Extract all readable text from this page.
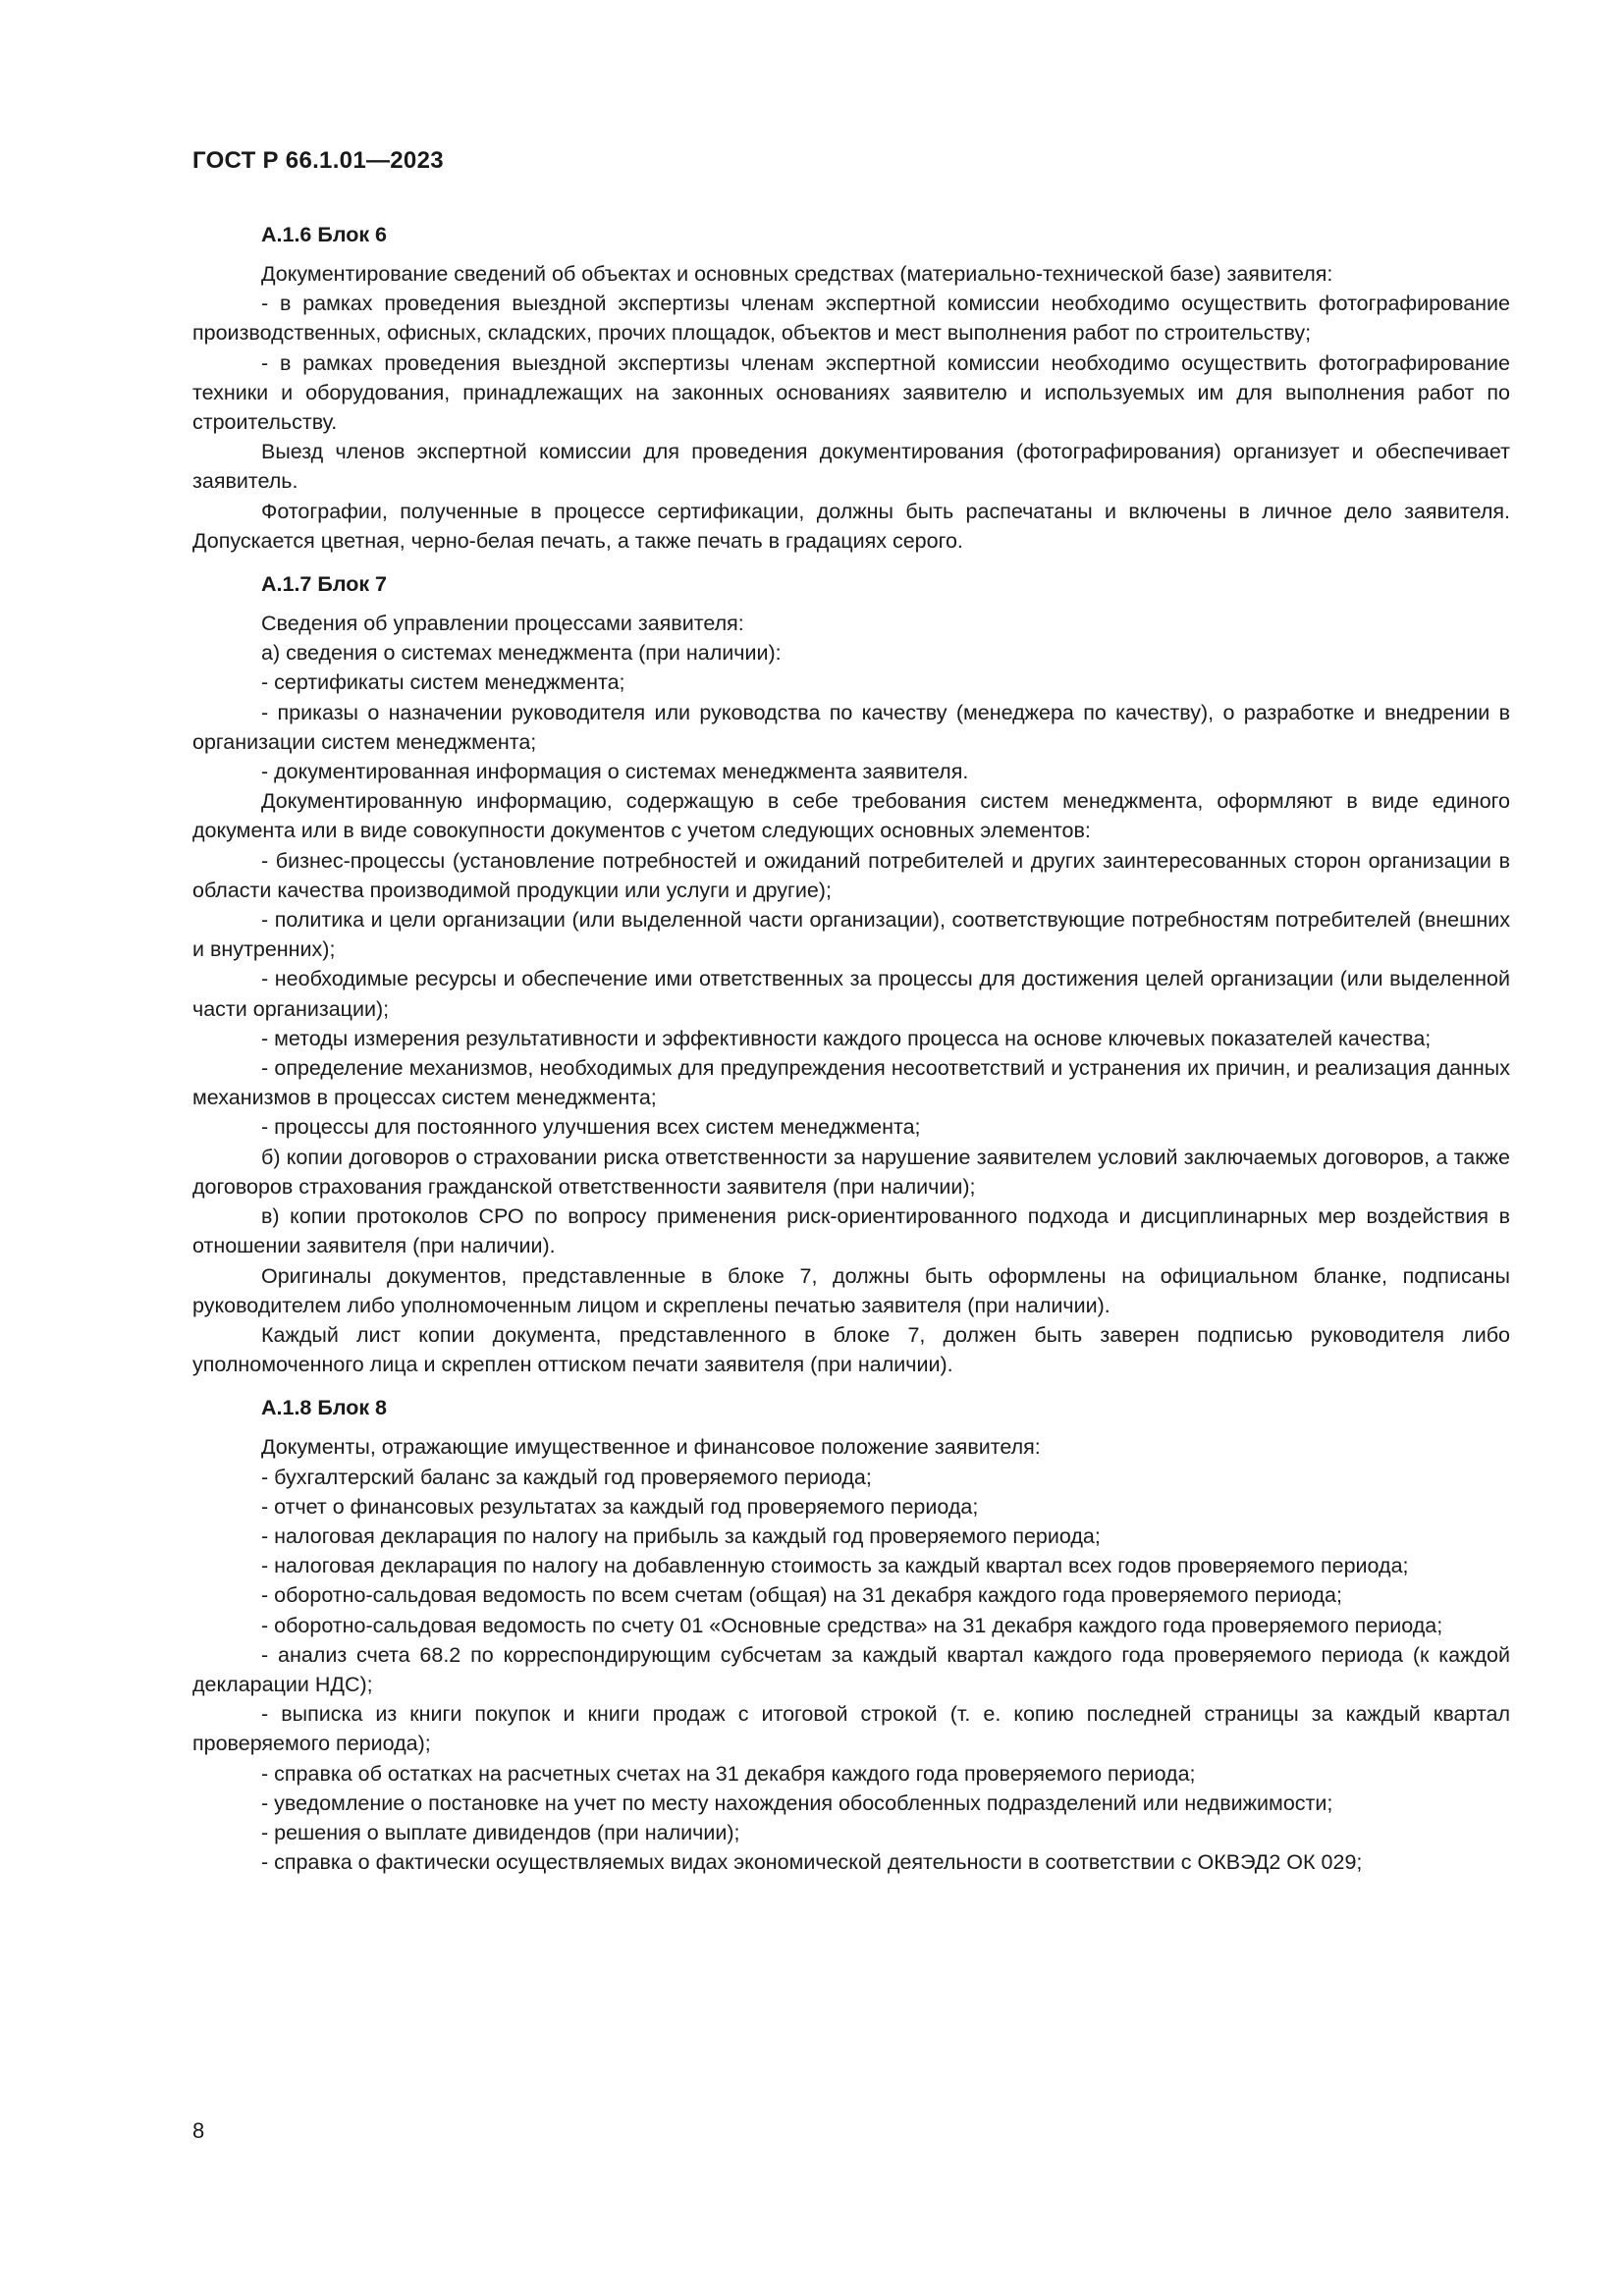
ГОСТ Р 66.1.01—2023
А.1.6 Блок 6

Документирование сведений об объектах и основных средствах (материально-технической базе) заявителя:

- в рамках проведения выездной экспертизы членам экспертной комиссии необходимо осуществить фотографирование производственных, офисных, складских, прочих площадок, объектов и мест выполнения работ по строительству;

- в рамках проведения выездной экспертизы членам экспертной комиссии необходимо осуществить фотографирование техники и оборудования, принадлежащих на законных основаниях заявителю и используемых им для выполнения работ по строительству.

Выезд членов экспертной комиссии для проведения документирования (фотографирования) организует и обеспечивает заявитель.

Фотографии, полученные в процессе сертификации, должны быть распечатаны и включены в личное дело заявителя. Допускается цветная, черно-белая печать, а также печать в градациях серого.

А.1.7 Блок 7

Сведения об управлении процессами заявителя:

а) сведения о системах менеджмента (при наличии):

- сертификаты систем менеджмента;

- приказы о назначении руководителя или руководства по качеству (менеджера по качеству), о разработке и внедрении в организации систем менеджмента;

- документированная информация о системах менеджмента заявителя.

Документированную информацию, содержащую в себе требования систем менеджмента, оформляют в виде единого документа или в виде совокупности документов с учетом следующих основных элементов:

- бизнес-процессы (установление потребностей и ожиданий потребителей и других заинтересованных сторон организации в области качества производимой продукции или услуги и другие);

- политика и цели организации (или выделенной части организации), соответствующие потребностям потребителей (внешних и внутренних);

- необходимые ресурсы и обеспечение ими ответственных за процессы для достижения целей организации (или выделенной части организации);

- методы измерения результативности и эффективности каждого процесса на основе ключевых показателей качества;

- определение механизмов, необходимых для предупреждения несоответствий и устранения их причин, и реализация данных механизмов в процессах систем менеджмента;

- процессы для постоянного улучшения всех систем менеджмента;

б) копии договоров о страховании риска ответственности за нарушение заявителем условий заключаемых договоров, а также договоров страхования гражданской ответственности заявителя (при наличии);

в) копии протоколов СРО по вопросу применения риск-ориентированного подхода и дисциплинарных мер воздействия в отношении заявителя (при наличии).

Оригиналы документов, представленные в блоке 7, должны быть оформлены на официальном бланке, подписаны руководителем либо уполномоченным лицом и скреплены печатью заявителя (при наличии).

Каждый лист копии документа, представленного в блоке 7, должен быть заверен подписью руководителя либо уполномоченного лица и скреплен оттиском печати заявителя (при наличии).

А.1.8 Блок 8

Документы, отражающие имущественное и финансовое положение заявителя:

- бухгалтерский баланс за каждый год проверяемого периода;

- отчет о финансовых результатах за каждый год проверяемого периода;

- налоговая декларация по налогу на прибыль за каждый год проверяемого периода;

- налоговая декларация по налогу на добавленную стоимость за каждый квартал всех годов проверяемого периода;

- оборотно-сальдовая ведомость по всем счетам (общая) на 31 декабря каждого года проверяемого периода;

- оборотно-сальдовая ведомость по счету 01 «Основные средства» на 31 декабря каждого года проверяемого периода;

- анализ счета 68.2 по корреспондирующим субсчетам за каждый квартал каждого года проверяемого периода (к каждой декларации НДС);

- выписка из книги покупок и книги продаж с итоговой строкой (т. е. копию последней страницы за каждый квартал проверяемого периода);

- справка об остатках на расчетных счетах на 31 декабря каждого года проверяемого периода;

- уведомление о постановке на учет по месту нахождения обособленных подразделений или недвижимости;

- решения о выплате дивидендов (при наличии);

- справка о фактически осуществляемых видах экономической деятельности в соответствии с ОКВЭД2 ОК 029;

8
